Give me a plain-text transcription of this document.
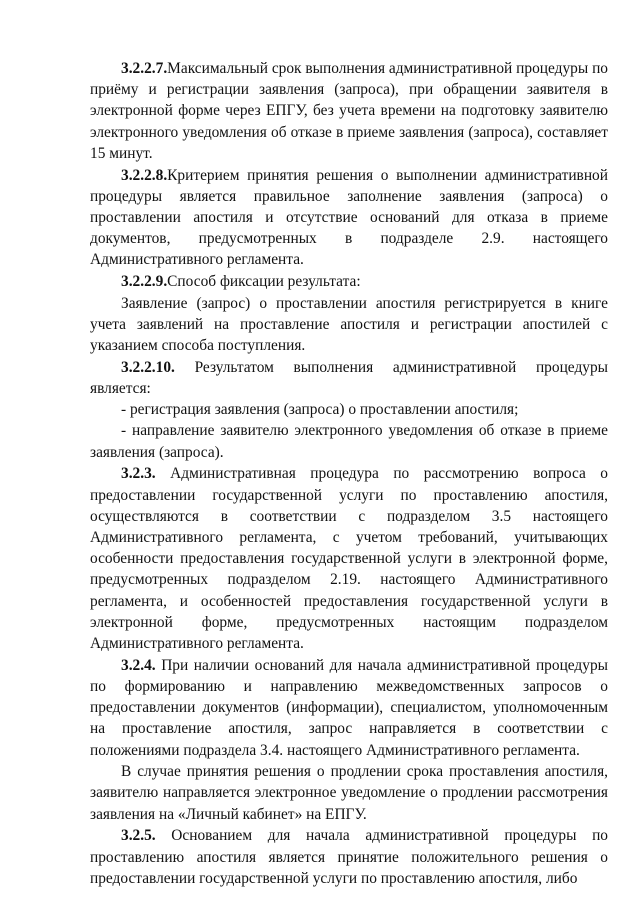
3.2.2.7.Максимальный срок выполнения административной процедуры по приёму и регистрации заявления (запроса), при обращении заявителя в электронной форме через ЕПГУ, без учета времени на подготовку заявителю электронного уведомления об отказе в приеме заявления (запроса), составляет 15 минут.

3.2.2.8.Критерием принятия решения о выполнении административной процедуры является правильное заполнение заявления (запроса) о проставлении апостиля и отсутствие оснований для отказа в приеме документов, предусмотренных в подразделе 2.9. настоящего Административного регламента.

3.2.2.9.Способ фиксации результата:

Заявление (запрос) о проставлении апостиля регистрируется в книге учета заявлений на проставление апостиля и регистрации апостилей с указанием способа поступления.

3.2.2.10. Результатом выполнения административной процедуры является:

- регистрация заявления (запроса) о проставлении апостиля;

- направление заявителю электронного уведомления об отказе в приеме заявления (запроса).

3.2.3. Административная процедура по рассмотрению вопроса о предоставлении государственной услуги по проставлению апостиля, осуществляются в соответствии с подразделом 3.5 настоящего Административного регламента, с учетом требований, учитывающих особенности предоставления государственной услуги в электронной форме, предусмотренных подразделом 2.19. настоящего Административного регламента, и особенностей предоставления государственной услуги в электронной форме, предусмотренных настоящим подразделом Административного регламента.

3.2.4. При наличии оснований для начала административной процедуры по формированию и направлению межведомственных запросов о предоставлении документов (информации), специалистом, уполномоченным на проставление апостиля, запрос направляется в соответствии с положениями подраздела 3.4. настоящего Административного регламента.

В случае принятия решения о продлении срока проставления апостиля, заявителю направляется электронное уведомление о продлении рассмотрения заявления на «Личный кабинет» на ЕПГУ.

3.2.5. Основанием для начала административной процедуры по проставлению апостиля является принятие положительного решения о предоставлении государственной услуги по проставлению апостиля, либо
